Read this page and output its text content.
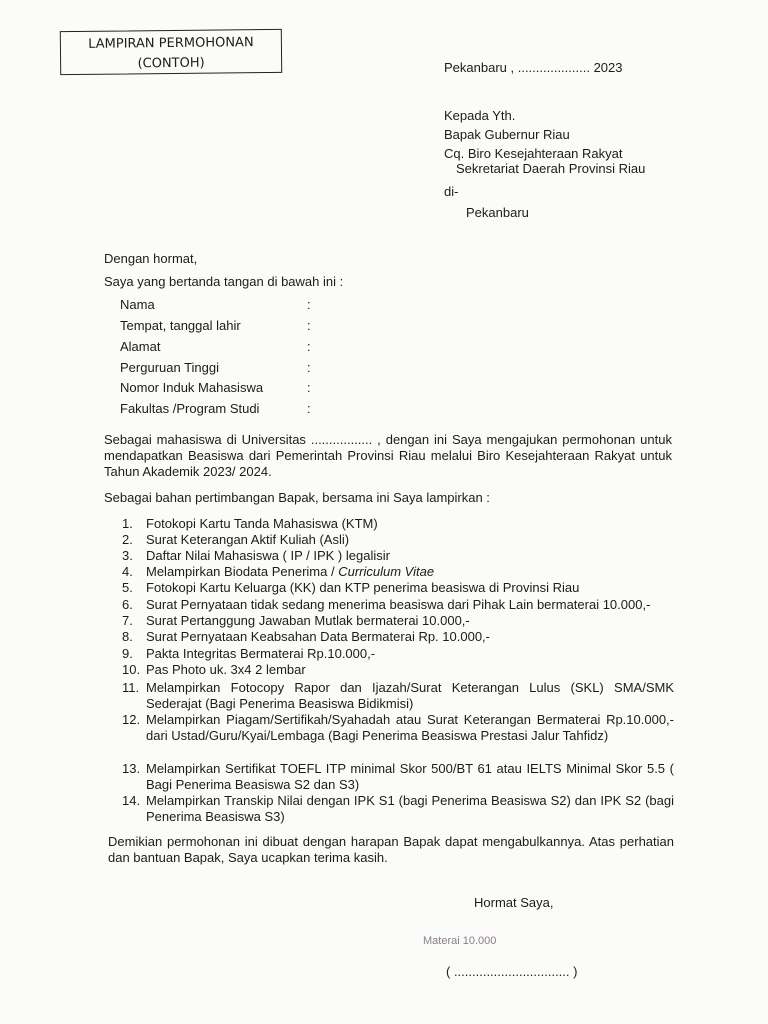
LAMPIRAN PERMOHONAN
(CONTOH)	Pekanbaru , .................... 2023
Kepada Yth.
Bapak Gubernur Riau
Cq. Biro Kesejahteraan Rakyat
Sekretariat Daerah Provinsi Riau
di-
Pekanbaru
Dengan hormat,
Saya yang bertanda tangan di bawah ini :
Nama	:
Tempat, tanggal lahir	:
Alamat	:
Perguruan Tinggi	:
Nomor Induk Mahasiswa	:
Fakultas /Program Studi	:
Sebagai mahasiswa di Universitas ................. , dengan ini Saya mengajukan permohonan untuk mendapatkan Beasiswa dari Pemerintah Provinsi Riau melalui Biro Kesejahteraan Rakyat untuk Tahun Akademik 2023/ 2024.
Sebagai bahan pertimbangan Bapak, bersama ini Saya lampirkan :
1.	Fotokopi Kartu Tanda Mahasiswa (KTM)
2.	Surat Keterangan Aktif Kuliah (Asli)
3.	Daftar Nilai Mahasiswa ( IP / IPK ) legalisir
4.	Melampirkan Biodata Penerima / Curriculum Vitae
5.	Fotokopi Kartu Keluarga (KK) dan KTP penerima beasiswa di Provinsi Riau
6.	Surat Pernyataan tidak sedang menerima beasiswa dari Pihak Lain bermaterai 10.000,-
7.	Surat Pertanggung Jawaban Mutlak bermaterai 10.000,-
8.	Surat Pernyataan Keabsahan Data Bermaterai Rp. 10.000,-
9.	Pakta Integritas Bermaterai Rp.10.000,-
10. Pas Photo uk. 3x4 2 lembar
11. Melampirkan Fotocopy Rapor dan Ijazah/Surat Keterangan Lulus (SKL) SMA/SMK Sederajat (Bagi Penerima Beasiswa Bidikmisi)
12. Melampirkan Piagam/Sertifikah/Syahadah atau Surat Keterangan Bermaterai Rp.10.000,- dari Ustad/Guru/Kyai/Lembaga (Bagi Penerima Beasiswa Prestasi Jalur Tahfidz)
13. Melampirkan Sertifikat TOEFL ITP minimal Skor 500/BT 61 atau IELTS Minimal Skor 5.5 ( Bagi Penerima Beasiswa S2 dan S3)
14. Melampirkan Transkip Nilai dengan IPK S1 (bagi Penerima Beasiswa S2) dan IPK S2 (bagi Penerima Beasiswa S3)
Demikian permohonan ini dibuat dengan harapan Bapak dapat mengabulkannya. Atas perhatian dan bantuan Bapak, Saya ucapkan terima kasih.
Hormat Saya,
Materai 10.000
( ................................ )
